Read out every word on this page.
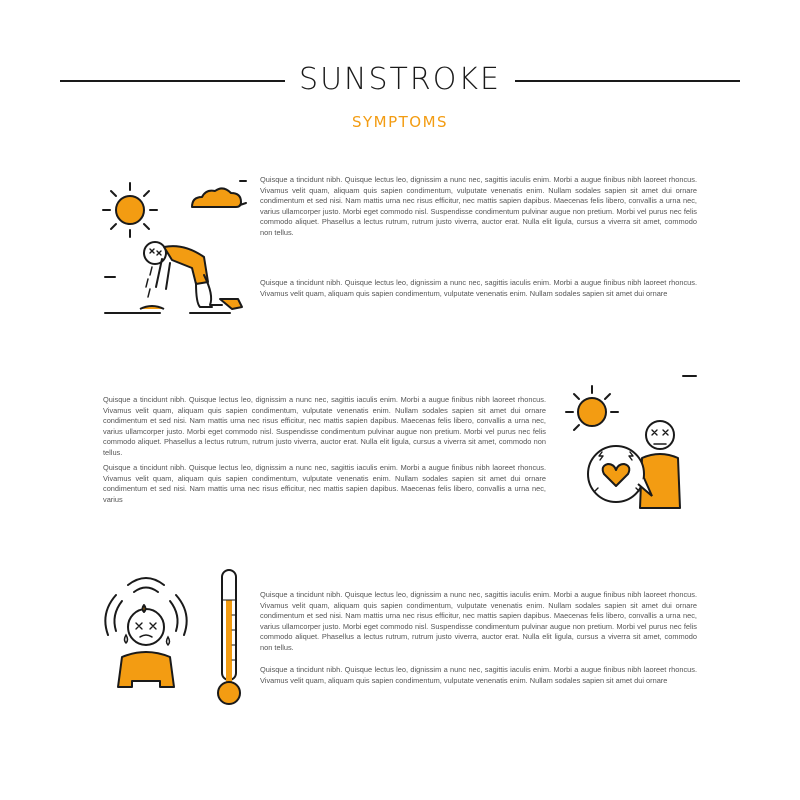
SUNSTROKE
SYMPTOMS

Quisque a tincidunt nibh. Quisque lectus leo, dignissim a nunc nec, sagittis iaculis enim. Morbi a augue finibus nibh laoreet rhoncus. Vivamus velit quam, aliquam quis sapien condimentum, vulputate venenatis enim. Nullam sodales sapien sit amet dui ornare condimentum et sed nisi. Nam mattis urna nec risus efficitur, nec mattis sapien dapibus. Maecenas felis libero, convallis a urna nec, varius ullamcorper justo. Morbi eget commodo nisl. Suspendisse condimentum pulvinar augue non pretium. Morbi vel purus nec felis commodo aliquet. Phasellus a lectus rutrum, rutrum justo viverra, auctor erat. Nulla elit ligula, cursus a viverra sit amet, commodo non tellus.

Quisque a tincidunt nibh. Quisque lectus leo, dignissim a nunc nec, sagittis iaculis enim. Morbi a augue finibus nibh laoreet rhoncus. Vivamus velit quam, aliquam quis sapien condimentum, vulputate venenatis enim. Nullam sodales sapien sit amet dui ornare

Quisque a tincidunt nibh. Quisque lectus leo, dignissim a nunc nec, sagittis iaculis enim. Morbi a augue finibus nibh laoreet rhoncus. Vivamus velit quam, aliquam quis sapien condimentum, vulputate venenatis enim. Nullam sodales sapien sit amet dui ornare condimentum et sed nisi. Nam mattis urna nec risus efficitur, nec mattis sapien dapibus. Maecenas felis libero, convallis a urna nec, varius ullamcorper justo. Morbi eget commodo nisl. Suspendisse condimentum pulvinar augue non pretium. Morbi vel purus nec felis commodo aliquet. Phasellus a lectus rutrum, rutrum justo viverra, auctor erat. Nulla elit ligula, cursus a viverra sit amet, commodo non tellus.

Quisque a tincidunt nibh. Quisque lectus leo, dignissim a nunc nec, sagittis iaculis enim. Morbi a augue finibus nibh laoreet rhoncus. Vivamus velit quam, aliquam quis sapien condimentum, vulputate venenatis enim. Nullam sodales sapien sit amet dui ornare condimentum et sed nisi. Nam mattis urna nec risus efficitur, nec mattis sapien dapibus. Maecenas felis libero, convallis a urna nec, varius

Quisque a tincidunt nibh. Quisque lectus leo, dignissim a nunc nec, sagittis iaculis enim. Morbi a augue finibus nibh laoreet rhoncus. Vivamus velit quam, aliquam quis sapien condimentum, vulputate venenatis enim. Nullam sodales sapien sit amet dui ornare condimentum et sed nisi. Nam mattis urna nec risus efficitur, nec mattis sapien dapibus. Maecenas felis libero, convallis a urna nec, varius ullamcorper justo. Morbi eget commodo nisl. Suspendisse condimentum pulvinar augue non pretium. Morbi vel purus nec felis commodo aliquet. Phasellus a lectus rutrum, rutrum justo viverra, auctor erat. Nulla elit ligula, cursus a viverra sit amet, commodo non tellus.

Quisque a tincidunt nibh. Quisque lectus leo, dignissim a nunc nec, sagittis iaculis enim. Morbi a augue finibus nibh laoreet rhoncus. Vivamus velit quam, aliquam quis sapien condimentum, vulputate venenatis enim. Nullam sodales sapien sit amet dui ornare
